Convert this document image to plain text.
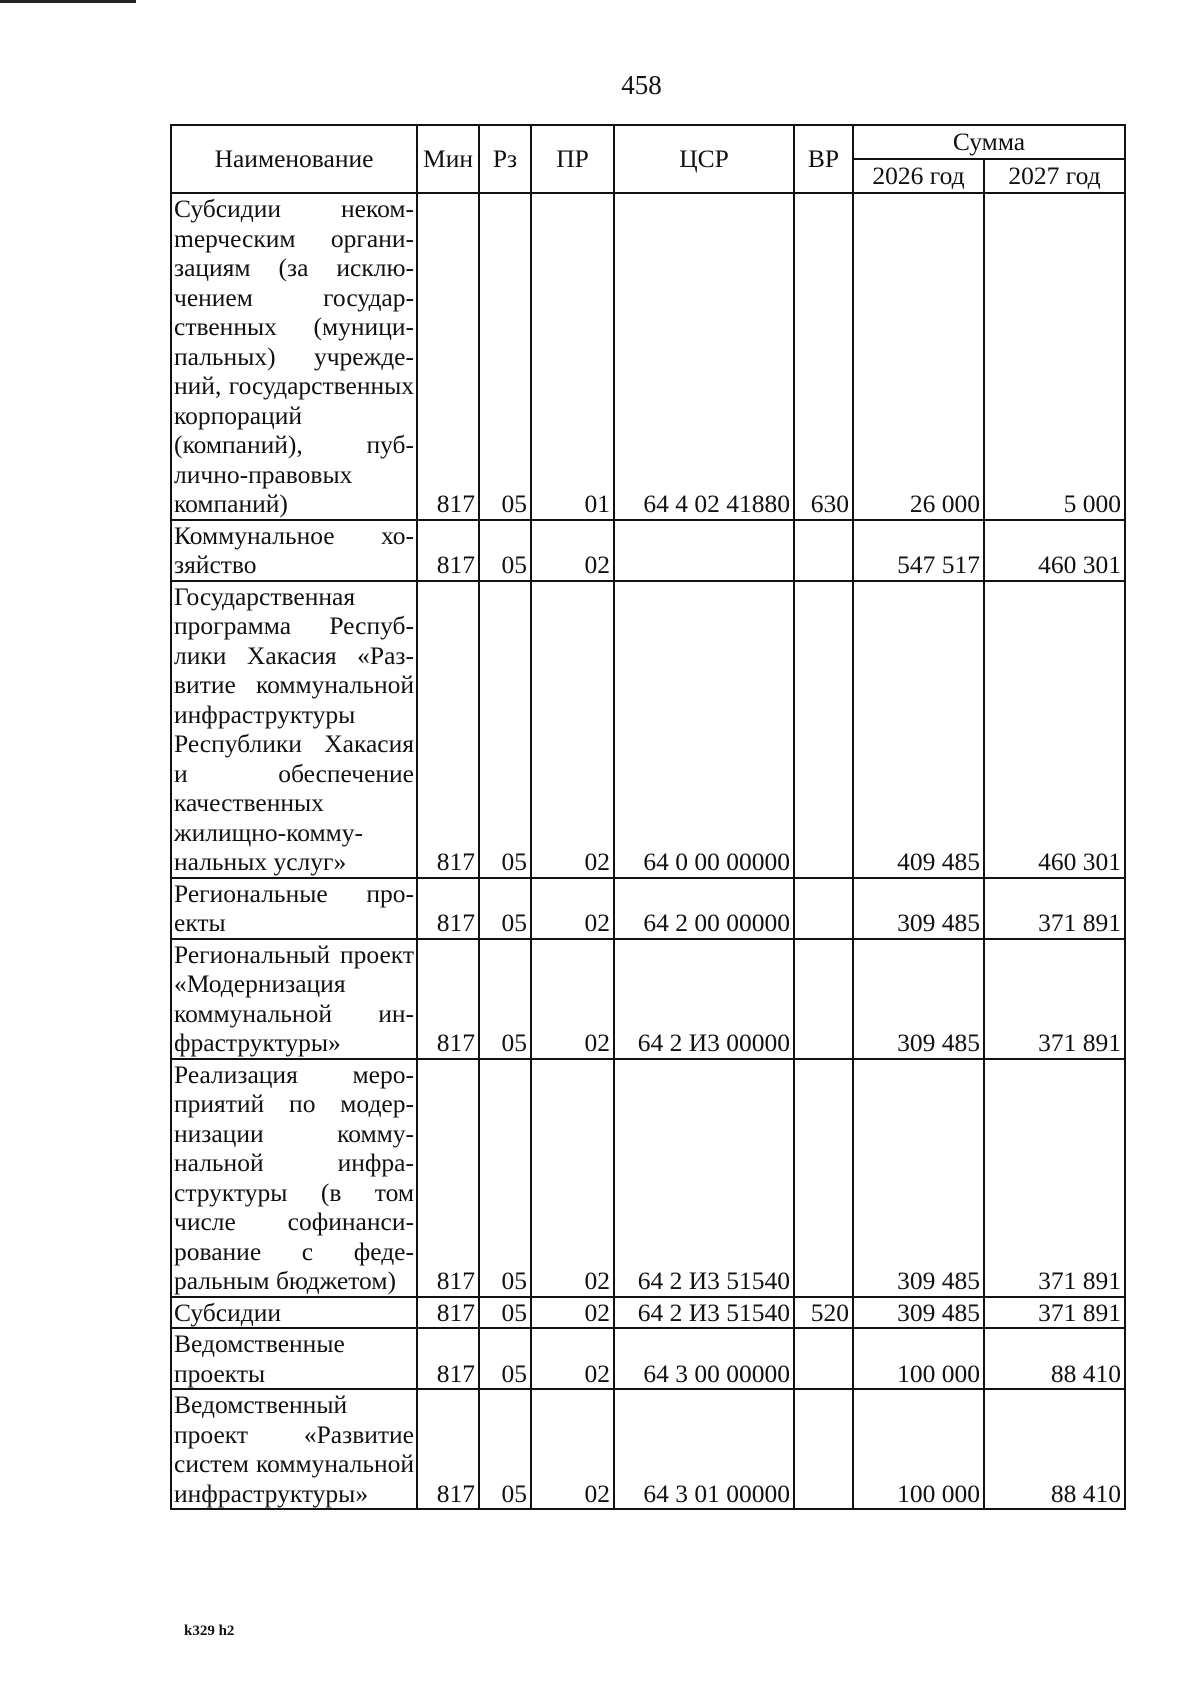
458
Наименование	Мин	Рз	ПР	ЦСР	ВР	Сумма	
						2026 год	2027 год
Субсидии некомmерческим организациям (за исключением государственных (муниципальных) учреждений, государственных корпораций (компаний), публично-правовых компаний)	817	05	01	64 4 02 41880	630	26 000	5 000
Коммунальное хозяйство	817	05	02			547 517	460 301
Государственная программа Республики Хакасия «Развитие коммунальной инфраструктуры Республики Хакасия и обеспечение качественных жилищно-коммунальных услуг»	817	05	02	64 0 00 00000		409 485	460 301
Региональные проекты	817	05	02	64 2 00 00000		309 485	371 891
Региональный проект «Модернизация коммунальной инфраструктуры»	817	05	02	64 2 И3 00000		309 485	371 891
Реализация мероприятий по модернизации коммунальной инфраструктуры (в том числе софинансирование с федеральным бюджетом)	817	05	02	64 2 И3 51540		309 485	371 891
Субсидии	817	05	02	64 2 И3 51540	520	309 485	371 891
Ведомственные проекты	817	05	02	64 3 00 00000		100 000	88 410
Ведомственный проект «Развитие систем коммунальной инфраструктуры»	817	05	02	64 3 01 00000		100 000	88 410
k329 h2
